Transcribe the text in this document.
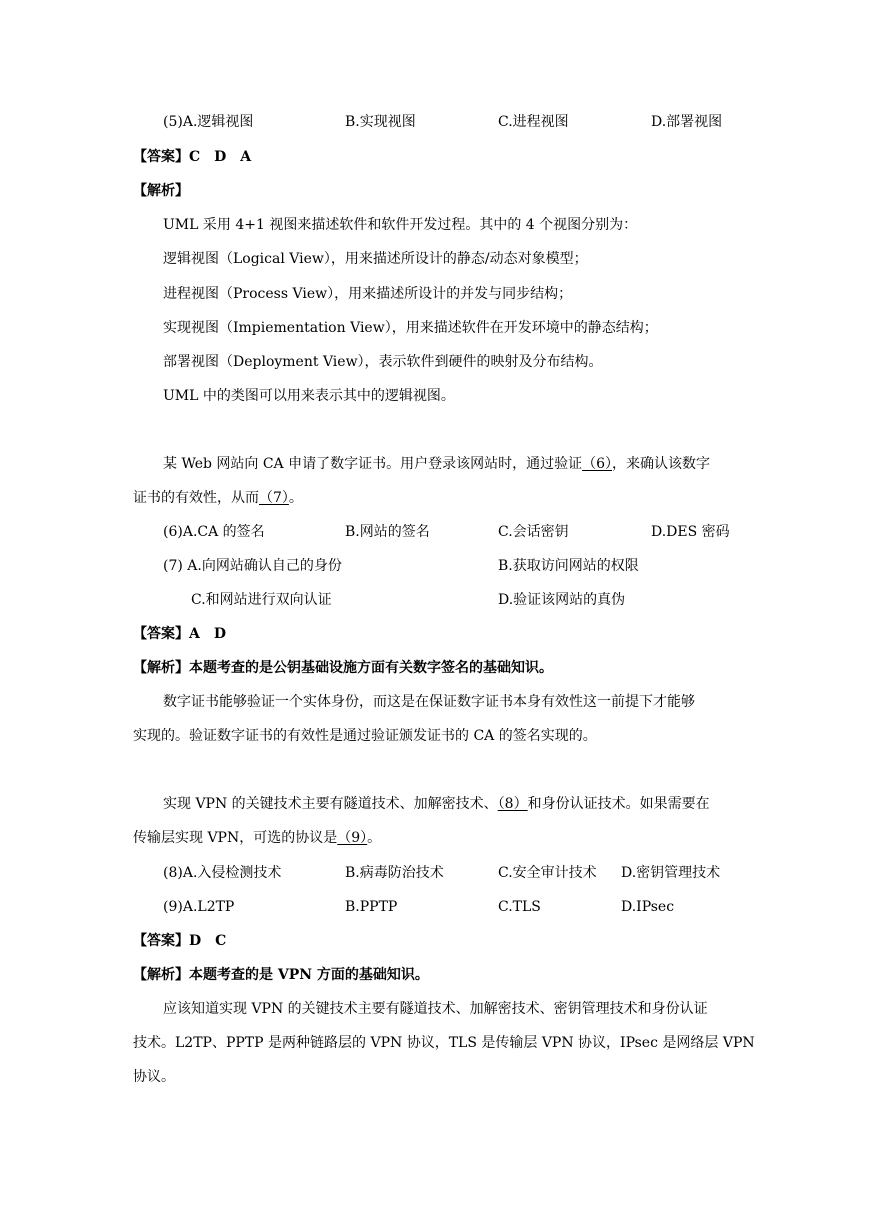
(5)A.逻辑视图	B.实现视图	C.进程视图	D.部署视图
【答案】C　D　A
【解析】
UML 采用 4+1 视图来描述软件和软件开发过程。其中的 4 个视图分别为：
逻辑视图（Logical View），用来描述所设计的静态/动态对象模型；
进程视图（Process View），用来描述所设计的并发与同步结构；
实现视图（Impiementation View），用来描述软件在开发环境中的静态结构；
部署视图（Deployment View），表示软件到硬件的映射及分布结构。
UML 中的类图可以用来表示其中的逻辑视图。
某 Web 网站向 CA 申请了数字证书。用户登录该网站时，通过验证（6），来确认该数字
证书的有效性，从而（7）。
(6)A.CA 的签名	B.网站的签名	C.会话密钥	D.DES 密码
(7) A.向网站确认自己的身份	B.获取访问网站的权限
C.和网站进行双向认证	D.验证该网站的真伪
【答案】A　D
【解析】本题考查的是公钥基础设施方面有关数字签名的基础知识。
数字证书能够验证一个实体身份，而这是在保证数字证书本身有效性这一前提下才能够
实现的。验证数字证书的有效性是通过验证颁发证书的 CA 的签名实现的。
实现 VPN 的关键技术主要有隧道技术、加解密技术、（8）和身份认证技术。如果需要在
传输层实现 VPN，可选的协议是（9）。
(8)A.入侵检测技术	B.病毒防治技术	C.安全审计技术 D.密钥管理技术
(9)A.L2TP	B.PPTP	C.TLS	D.IPsec
【答案】D　C
【解析】本题考查的是 VPN 方面的基础知识。
应该知道实现 VPN 的关键技术主要有隧道技术、加解密技术、密钥管理技术和身份认证
技术。L2TP、PPTP 是两种链路层的 VPN 协议，TLS 是传输层 VPN 协议，IPsec 是网络层 VPN
协议。
